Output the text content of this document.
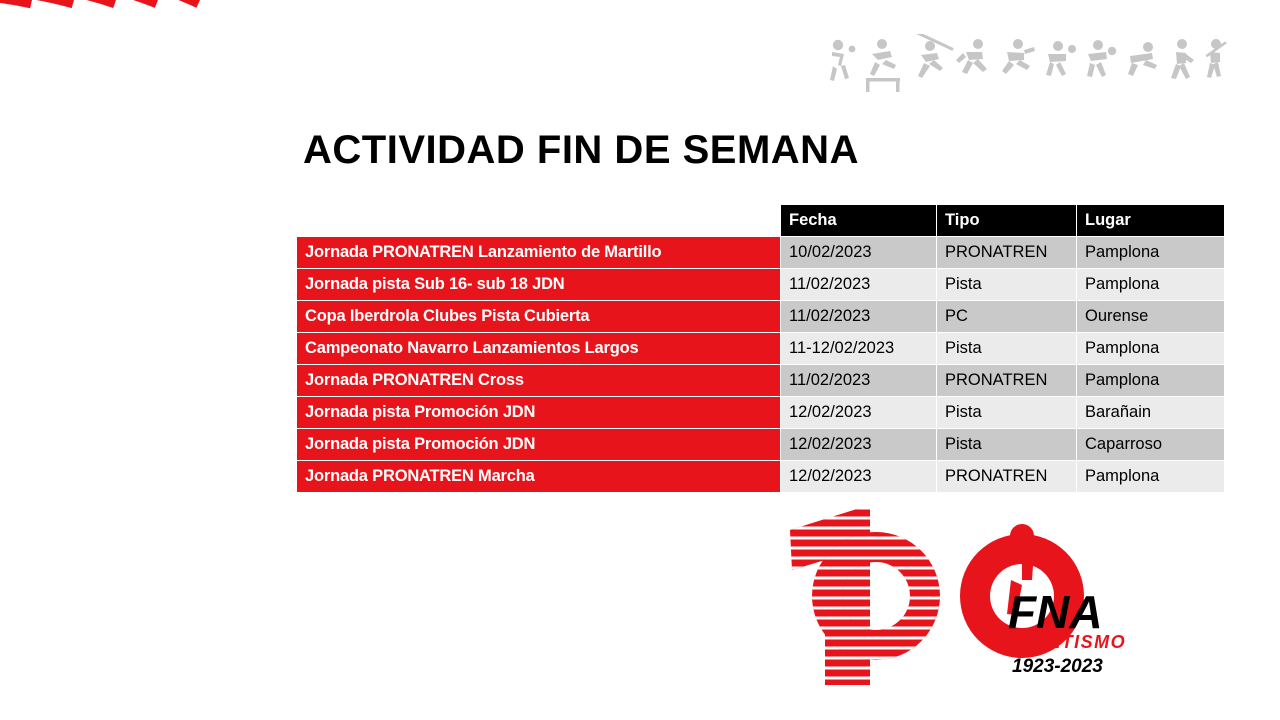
ACTIVIDAD FIN DE SEMANA
	Fecha	Tipo	Lugar
Jornada PRONATREN Lanzamiento de Martillo	10/02/2023	PRONATREN	Pamplona
Jornada pista Sub 16- sub 18 JDN	11/02/2023	Pista	Pamplona
Copa Iberdrola Clubes Pista Cubierta	11/02/2023	PC	Ourense
Campeonato Navarro Lanzamientos Largos	11-12/02/2023	Pista	Pamplona
Jornada PRONATREN Cross	11/02/2023	PRONATREN	Pamplona
Jornada pista Promoción JDN	12/02/2023	Pista	Barañain
Jornada pista Promoción JDN	12/02/2023	Pista	Caparroso
Jornada PRONATREN Marcha	12/02/2023	PRONATREN	Pamplona
FNA
ATLETISMO
1923-2023
